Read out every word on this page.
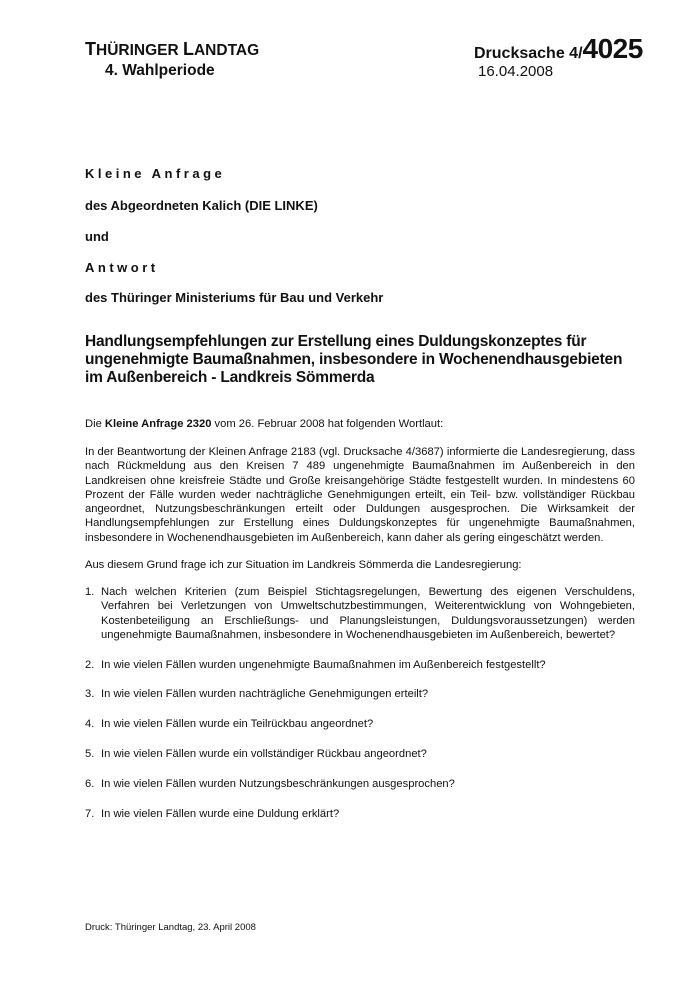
THÜRINGER LANDTAG
4. Wahlperiode
Drucksache 4/4025
16.04.2008
Kleine Anfrage
des Abgeordneten Kalich (DIE LINKE)
und
Antwort
des Thüringer Ministeriums für Bau und Verkehr
Handlungsempfehlungen zur Erstellung eines Duldungskonzeptes für ungenehmigte Baumaßnahmen, insbesondere in Wochenendhausgebieten im Außenbereich - Landkreis Sömmerda
Die Kleine Anfrage 2320 vom 26. Februar 2008 hat folgenden Wortlaut:
In der Beantwortung der Kleinen Anfrage 2183 (vgl. Drucksache 4/3687) informierte die Landesregierung, dass nach Rückmeldung aus den Kreisen 7 489 ungenehmigte Baumaßnahmen im Außenbereich in den Landkreisen ohne kreisfreie Städte und Große kreisangehörige Städte festgestellt wurden. In mindestens 60 Prozent der Fälle wurden weder nachträgliche Genehmigungen erteilt, ein Teil- bzw. vollständiger Rückbau angeordnet, Nutzungsbeschränkungen erteilt oder Duldungen ausgesprochen. Die Wirksamkeit der Handlungsempfehlungen zur Erstellung eines Duldungskonzeptes für ungenehmigte Baumaßnahmen, insbesondere in Wochenendhausgebieten im Außenbereich, kann daher als gering eingeschätzt werden.
Aus diesem Grund frage ich zur Situation im Landkreis Sömmerda die Landesregierung:
1. Nach welchen Kriterien (zum Beispiel Stichtagsregelungen, Bewertung des eigenen Verschuldens, Verfahren bei Verletzungen von Umweltschutzbestimmungen, Weiterentwicklung von Wohngebieten, Kostenbeteiligung an Erschließungs- und Planungsleistungen, Duldungsvoraussetzungen) werden ungenehmigte Baumaßnahmen, insbesondere in Wochenendhausgebieten im Außenbereich, bewertet?
2. In wie vielen Fällen wurden ungenehmigte Baumaßnahmen im Außenbereich festgestellt?
3. In wie vielen Fällen wurden nachträgliche Genehmigungen erteilt?
4. In wie vielen Fällen wurde ein Teilrückbau angeordnet?
5. In wie vielen Fällen wurde ein vollständiger Rückbau angeordnet?
6. In wie vielen Fällen wurden Nutzungsbeschränkungen ausgesprochen?
7. In wie vielen Fällen wurde eine Duldung erklärt?
Druck: Thüringer Landtag, 23. April 2008
